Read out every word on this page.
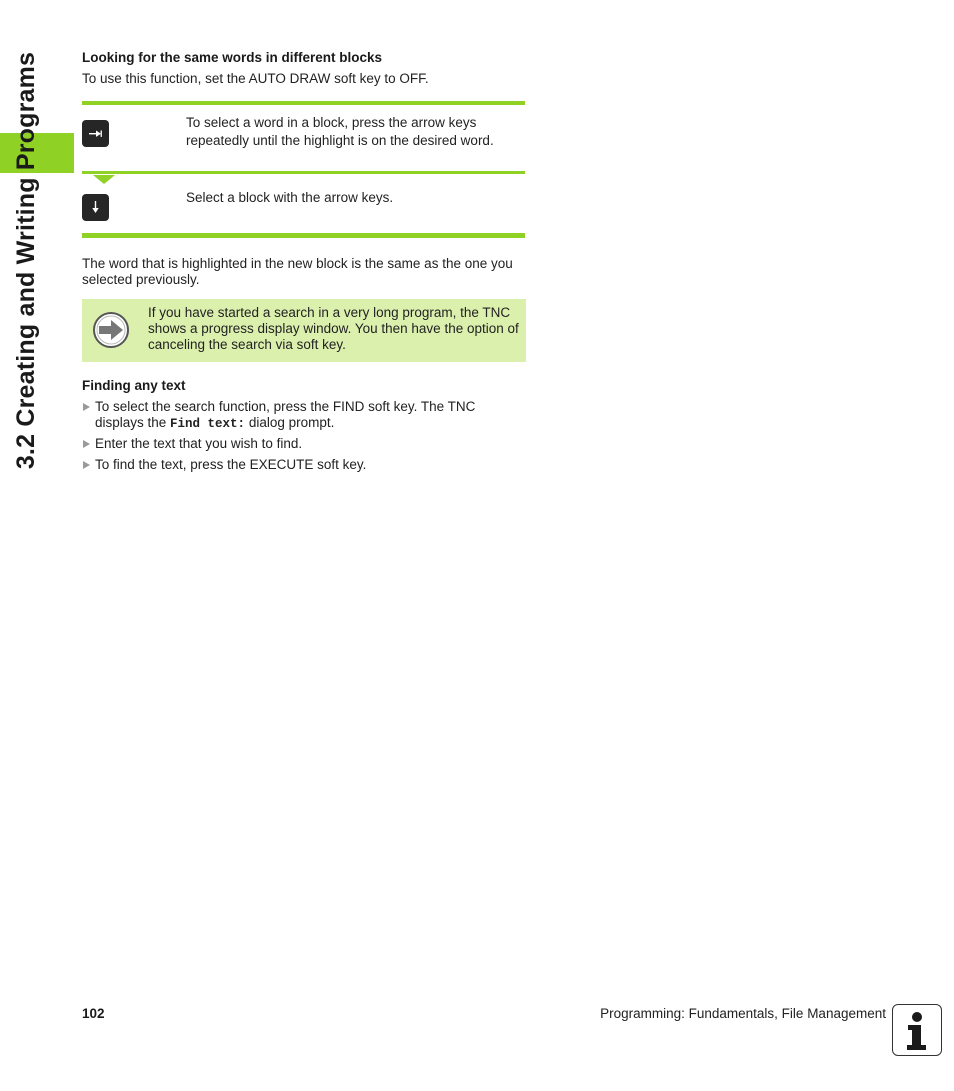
3.2 Creating and Writing Programs	Looking for the same words in different blocks
To use this function, set the AUTO DRAW soft key to OFF.
To select a word in a block, press the arrow keys repeatedly until the highlight is on the desired word.
Select a block with the arrow keys.
The word that is highlighted in the new block is the same as the one you selected previously.
If you have started a search in a very long program, the TNC shows a progress display window. You then have the option of canceling the search via soft key.
Finding any text
To select the search function, press the FIND soft key. The TNC displays the Find text: dialog prompt.
Enter the text that you wish to find.
To find the text, press the EXECUTE soft key.
102	Programming: Fundamentals, File Management
